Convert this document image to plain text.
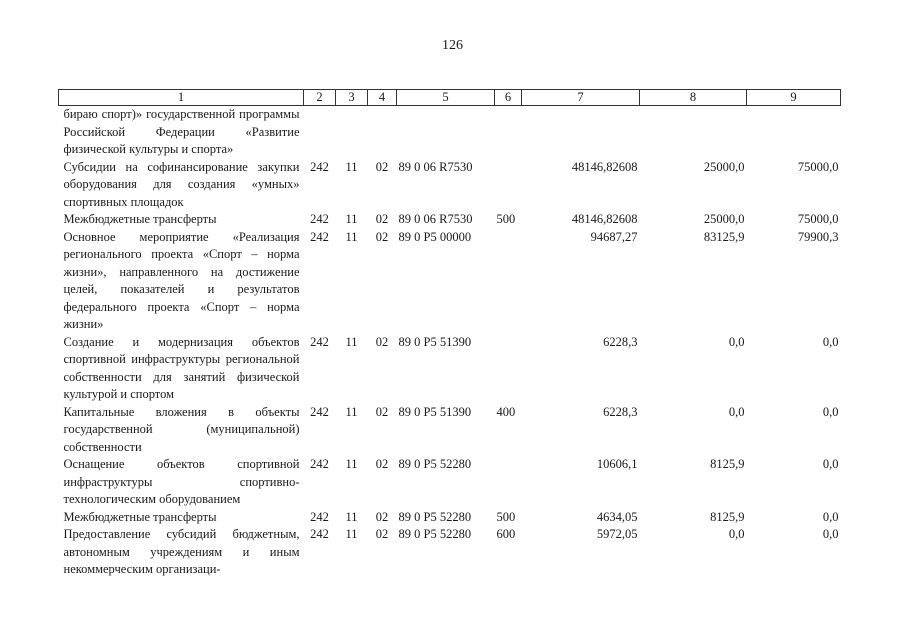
126
1	2	3	4	5	6	7	8	9
бираю спорт)» государственной программы Российской Федерации «Развитие физической культуры и спорта»								
Субсидии на софинансирование закупки оборудования для создания «умных» спортивных площадок	242	11	02	89 0 06 R7530		48146,82608	25000,0	75000,0
Межбюджетные трансферты	242	11	02	89 0 06 R7530	500	48146,82608	25000,0	75000,0
Основное мероприятие «Реализация регионального проекта «Спорт – норма жизни», направленного на достижение целей, показателей и результатов федерального проекта «Спорт – норма жизни»	242	11	02	89 0 P5 00000		94687,27	83125,9	79900,3
Создание и модернизация объектов спортивной инфраструктуры региональной собственности для занятий физической культурой и спортом	242	11	02	89 0 P5 51390		6228,3	0,0	0,0
Капитальные вложения в объекты государственной (муниципальной) собственности	242	11	02	89 0 P5 51390	400	6228,3	0,0	0,0
Оснащение объектов спортивной инфраструктуры спортивно-технологическим оборудованием	242	11	02	89 0 P5 52280		10606,1	8125,9	0,0
Межбюджетные трансферты	242	11	02	89 0 P5 52280	500	4634,05	8125,9	0,0
Предоставление субсидий бюджетным, автономным учреждениям и иным некоммерческим организаци-	242	11	02	89 0 P5 52280	600	5972,05	0,0	0,0
